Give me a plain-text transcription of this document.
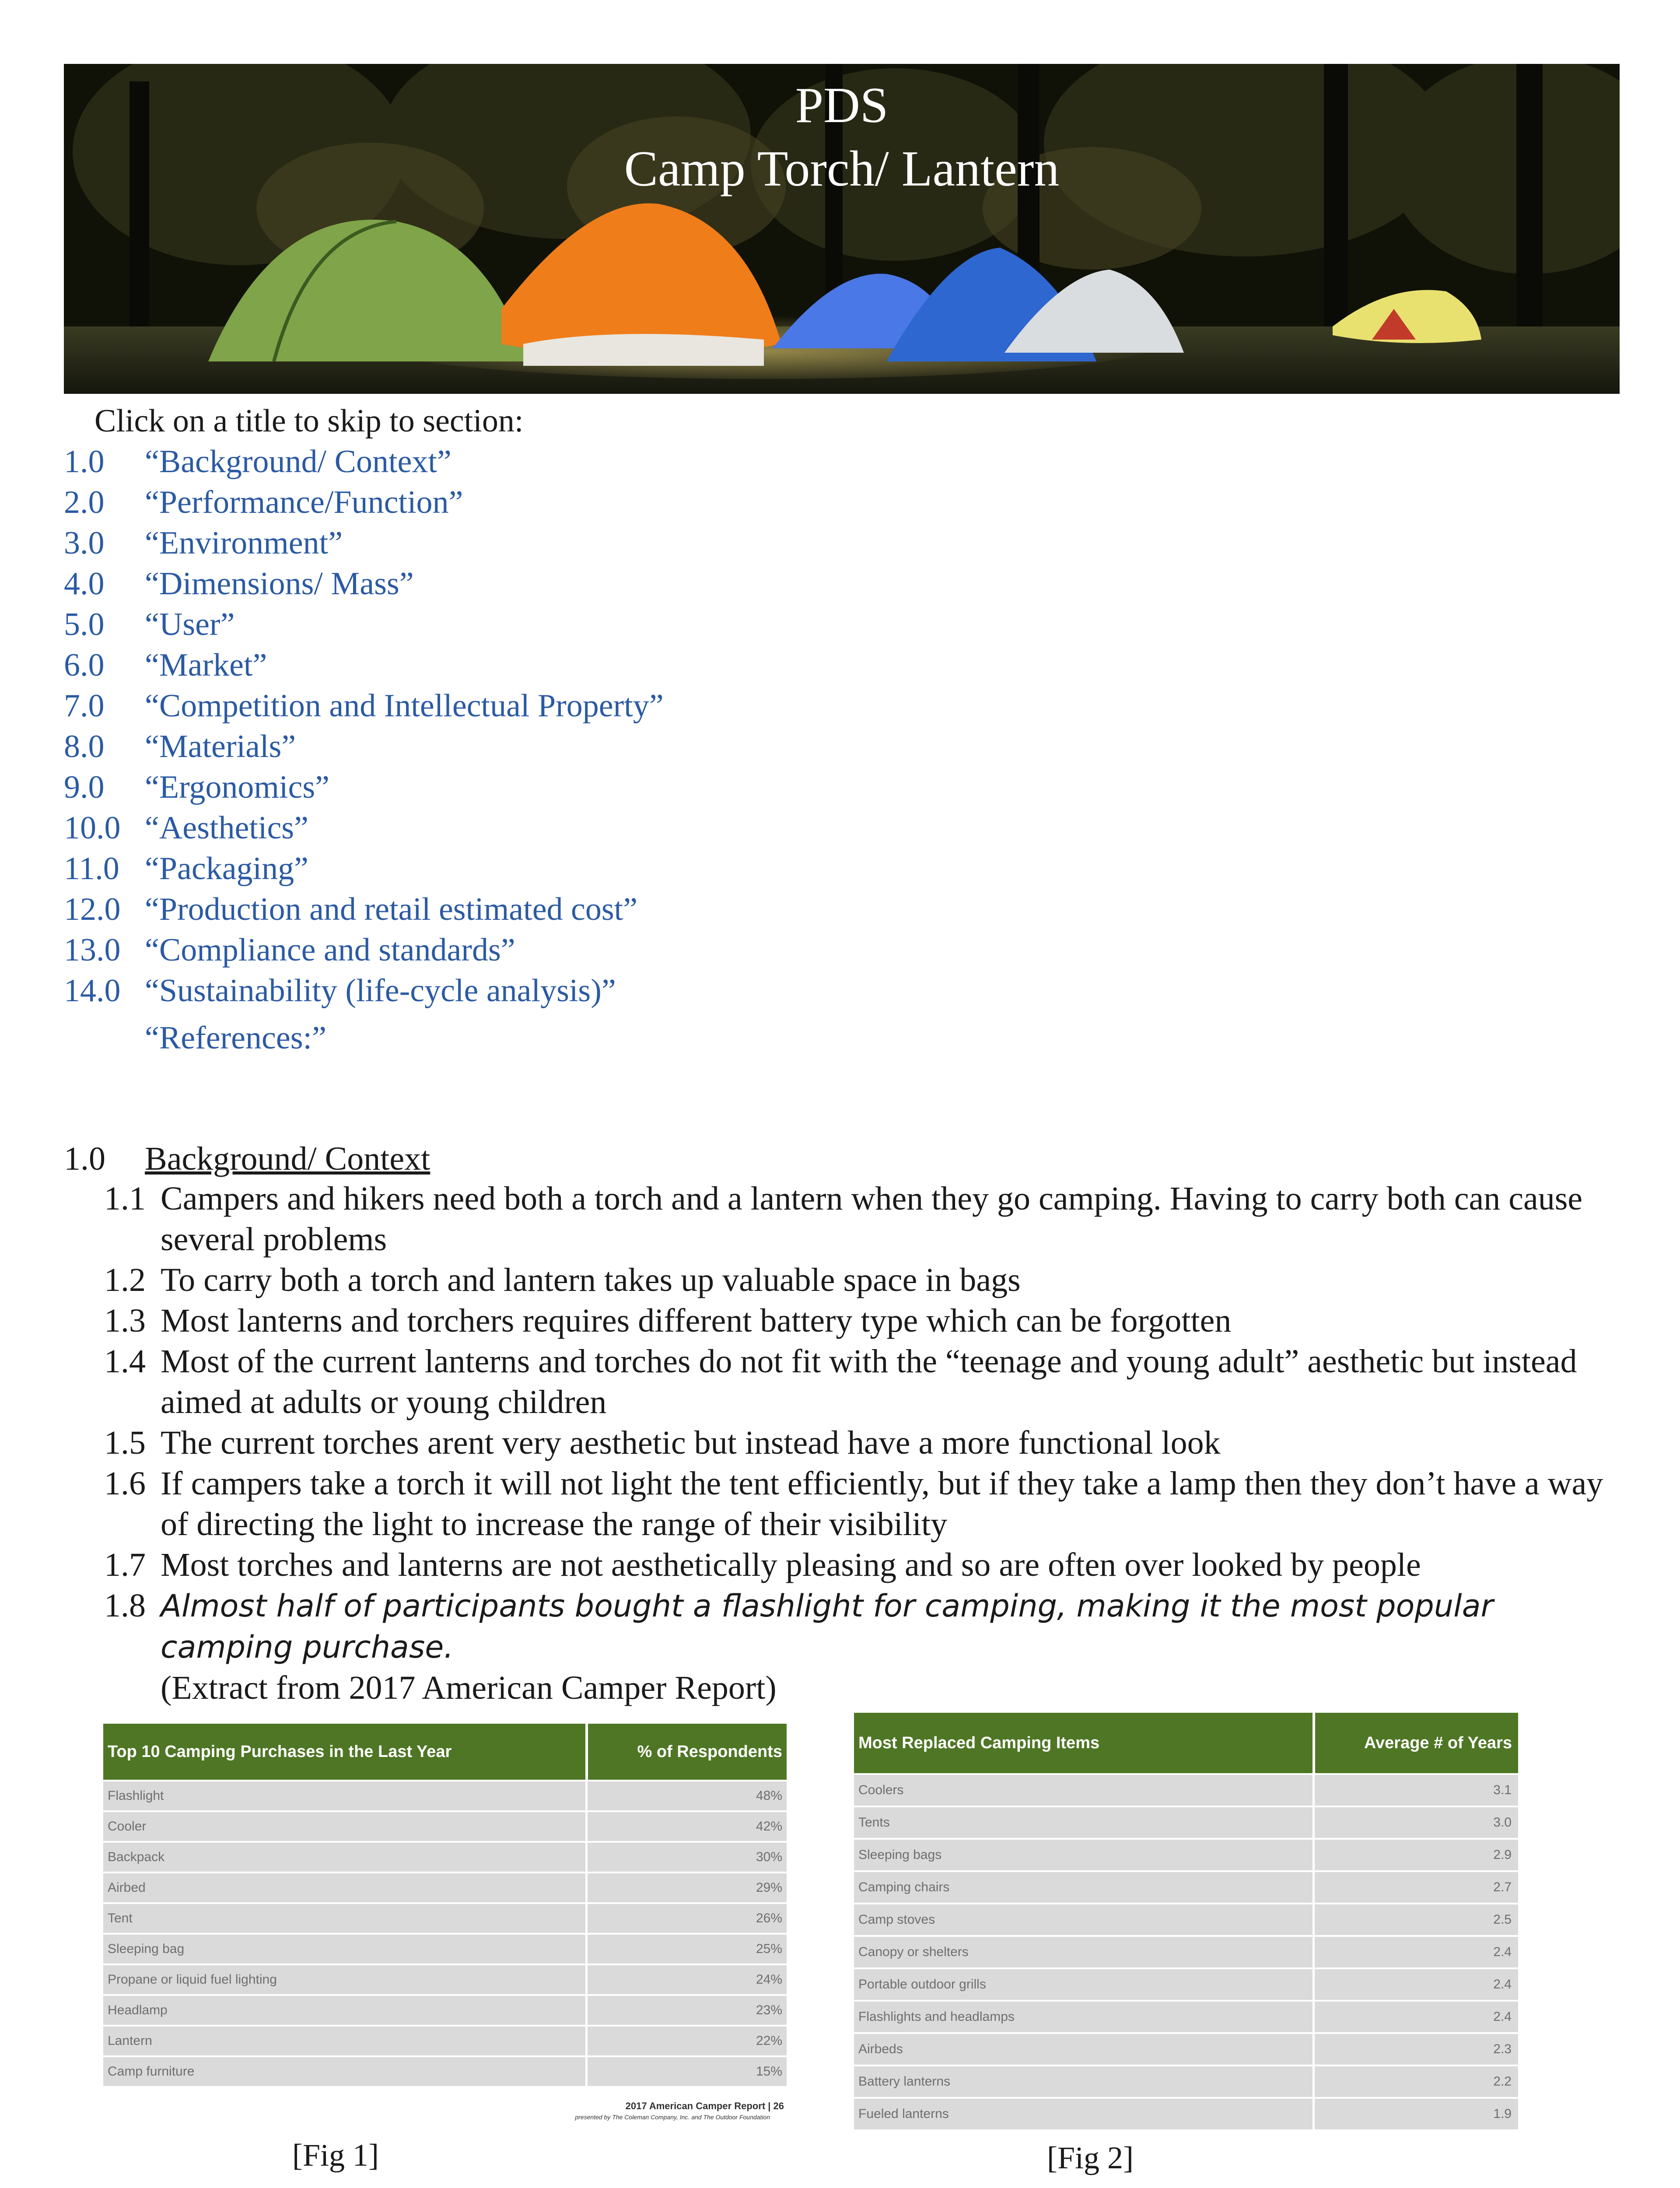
PDS
Camp Torch/ Lantern
Click on a title to skip to section:
1.0 “Background/ Context”
2.0 “Performance/Function”
3.0 “Environment”
4.0 “Dimensions/ Mass”
5.0 “User”
6.0 “Market”
7.0 “Competition and Intellectual Property”
8.0 “Materials”
9.0 “Ergonomics”
10.0 “Aesthetics”
11.0 “Packaging”
12.0 “Production and retail estimated cost”
13.0 “Compliance and standards”
14.0 “Sustainability (life-cycle analysis)”
“References:”
1.0 Background/ Context
1.1 Campers and hikers need both a torch and a lantern when they go camping. Having to carry both can cause several problems
1.2 To carry both a torch and lantern takes up valuable space in bags
1.3 Most lanterns and torchers requires different battery type which can be forgotten
1.4 Most of the current lanterns and torches do not fit with the “teenage and young adult” aesthetic but instead aimed at adults or young children
1.5 The current torches arent very aesthetic but instead have a more functional look
1.6 If campers take a torch it will not light the tent efficiently, but if they take a lamp then they don’t have a way of directing the light to increase the range of their visibility
1.7 Most torches and lanterns are not aesthetically pleasing and so are often over looked by people
1.8 Almost half of participants bought a flashlight for camping, making it the most popular camping purchase.
(Extract from 2017 American Camper Report)
Top 10 Camping Purchases in the Last Year	% of Respondents
Flashlight	48%
Cooler	42%
Backpack	30%
Airbed	29%
Tent	26%
Sleeping bag	25%
Propane or liquid fuel lighting	24%
Headlamp	23%
Lantern	22%
Camp furniture	15%
2017 American Camper Report | 26
presented by The Coleman Company, Inc. and The Outdoor Foundation
[Fig 1]
Most Replaced Camping Items	Average # of Years
Coolers	3.1
Tents	3.0
Sleeping bags	2.9
Camping chairs	2.7
Camp stoves	2.5
Canopy or shelters	2.4
Portable outdoor grills	2.4
Flashlights and headlamps	2.4
Airbeds	2.3
Battery lanterns	2.2
Fueled lanterns	1.9
[Fig 2]
